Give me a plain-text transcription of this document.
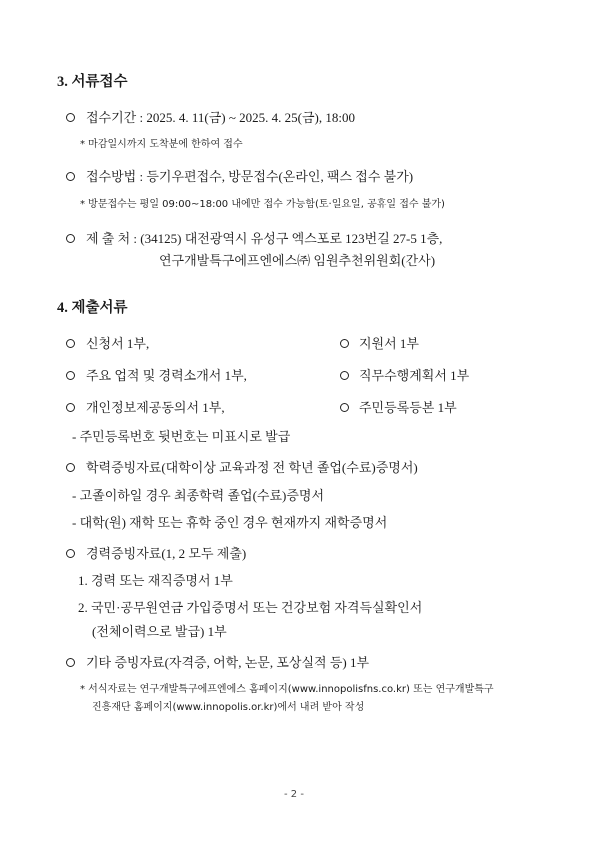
3. 서류접수
접수기간 : 2025. 4. 11(금) ~ 2025. 4. 25(금), 18:00
* 마감일시까지 도착분에 한하여 접수
접수방법 : 등기우편접수, 방문접수(온라인, 팩스 접수 불가)
* 방문접수는 평일 09:00~18:00 내에만 접수 가능함(토·일요일, 공휴일 접수 불가)
제 출 처 : (34125) 대전광역시 유성구 엑스포로 123번길 27-5 1층,
연구개발특구에프엔에스㈜ 임원추천위원회(간사)
4. 제출서류
신청서 1부,	지원서 1부
주요 업적 및 경력소개서 1부,	직무수행계획서 1부
개인정보제공동의서 1부,	주민등록등본 1부
- 주민등록번호 뒷번호는 미표시로 발급
학력증빙자료(대학이상 교육과정 전 학년 졸업(수료)증명서)
- 고졸이하일 경우 최종학력 졸업(수료)증명서
- 대학(원) 재학 또는 휴학 중인 경우 현재까지 재학증명서
경력증빙자료(1, 2 모두 제출)
1. 경력 또는 재직증명서 1부
2. 국민·공무원연금 가입증명서 또는 건강보험 자격득실확인서
(전체이력으로 발급) 1부
기타 증빙자료(자격증, 어학, 논문, 포상실적 등) 1부
* 서식자료는 연구개발특구에프엔에스 홈페이지(www.innopolisfns.co.kr) 또는 연구개발특구
진흥재단 홈페이지(www.innopolis.or.kr)에서 내려 받아 작성
- 2 -
